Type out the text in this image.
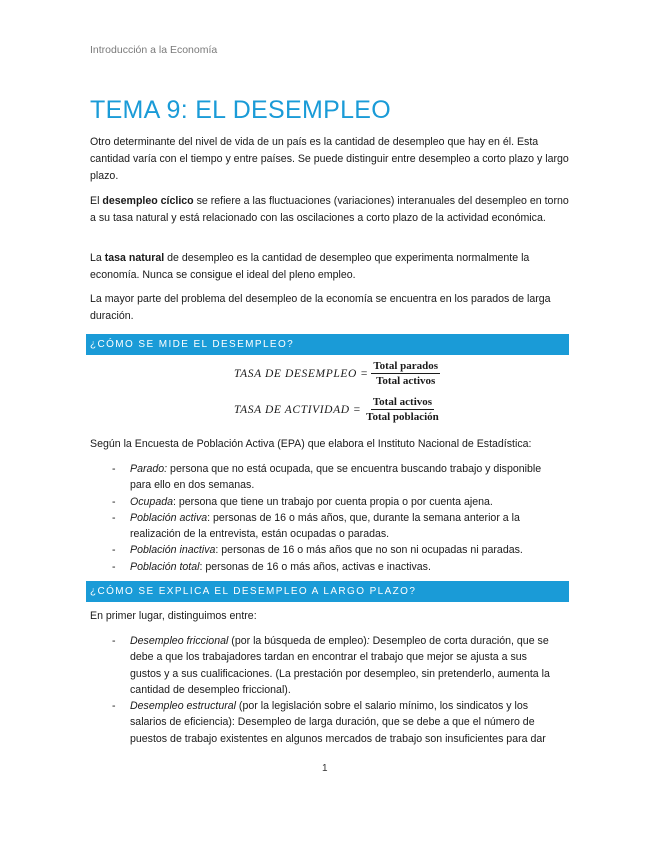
Introducción a la Economía
TEMA 9: EL DESEMPLEO

Otro determinante del nivel de vida de un país es la cantidad de desempleo que hay en él. Esta cantidad varía con el tiempo y entre países. Se puede distinguir entre desempleo a corto plazo y largo plazo.

El desempleo cíclico se refiere a las fluctuaciones (variaciones) interanuales del desempleo en torno a su tasa natural y está relacionado con las oscilaciones a corto plazo de la actividad económica.

La tasa natural de desempleo es la cantidad de desempleo que experimenta normalmente la economía. Nunca se consigue el ideal del pleno empleo.

La mayor parte del problema del desempleo de la economía se encuentra en los parados de larga duración.

¿CÓMO SE MIDE EL DESEMPLEO?
TASA DE DESEMPLEO = $\frac{\text{Total parados}}{\text{Total activos}}$
TASA DE ACTIVIDAD = $\frac{\text{Total activos}}{\text{Total población}}$

Según la Encuesta de Población Activa (EPA) que elabora el Instituto Nacional de Estadística:

- Parado: persona que no está ocupada, que se encuentra buscando trabajo y disponible para ello en dos semanas.
- Ocupada: persona que tiene un trabajo por cuenta propia o por cuenta ajena.
- Población activa: personas de 16 o más años, que, durante la semana anterior a la realización de la entrevista, están ocupadas o paradas.
- Población inactiva: personas de 16 o más años que no son ni ocupadas ni paradas.
- Población total: personas de 16 o más años, activas e inactivas.
¿CÓMO SE EXPLICA EL DESEMPLEO A LARGO PLAZO?

En primer lugar, distinguimos entre:

- Desempleo friccional (por la búsqueda de empleo): Desempleo de corta duración, que se debe a que los trabajadores tardan en encontrar el trabajo que mejor se ajusta a sus gustos y a sus cualificaciones. (La prestación por desempleo, sin pretenderlo, aumenta la cantidad de desempleo friccional).
- Desempleo estructural (por la legislación sobre el salario mínimo, los sindicatos y los salarios de eficiencia): Desempleo de larga duración, que se debe a que el número de puestos de trabajo existentes en algunos mercados de trabajo son insuficientes para dar
1
